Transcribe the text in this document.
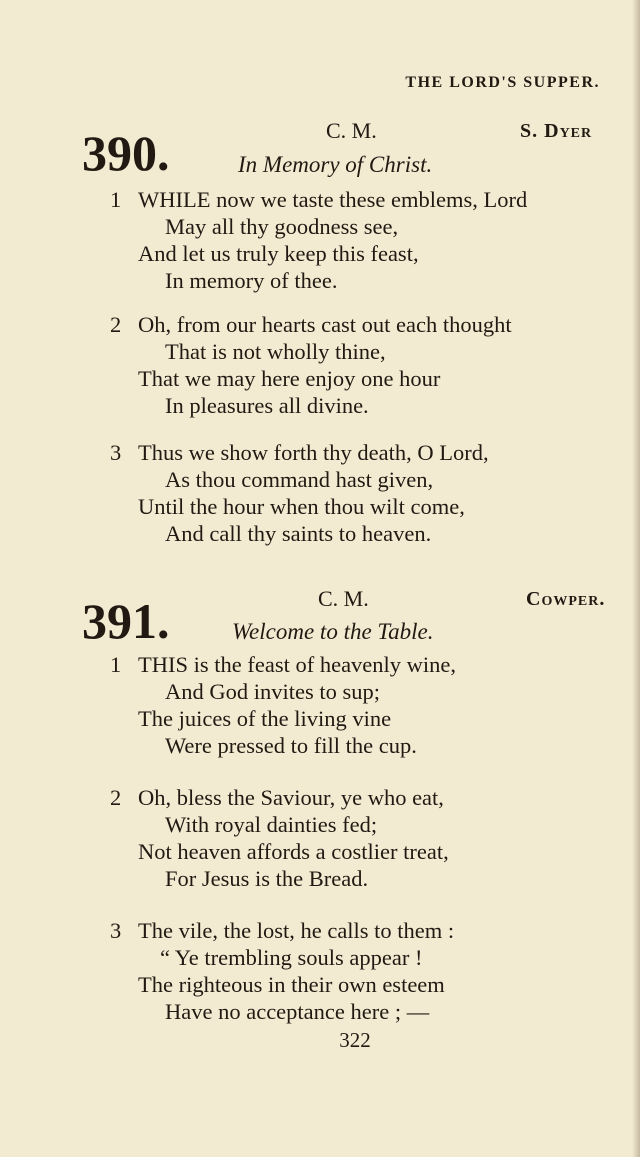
THE LORD'S SUPPER.
390.	C. M.	S. Dyer
In Memory of Christ.
1 WHILE now we taste these emblems, Lord
May all thy goodness see,
And let us truly keep this feast,
In memory of thee.
2 Oh, from our hearts cast out each thought
That is not wholly thine,
That we may here enjoy one hour
In pleasures all divine.
3 Thus we show forth thy death, O Lord,
As thou command hast given,
Until the hour when thou wilt come,
And call thy saints to heaven.
391.	C. M.	Cowper.
Welcome to the Table.
1 THIS is the feast of heavenly wine,
And God invites to sup;
The juices of the living vine
Were pressed to fill the cup.
2 Oh, bless the Saviour, ye who eat,
With royal dainties fed;
Not heaven affords a costlier treat,
For Jesus is the Bread.
3 The vile, the lost, he calls to them :
“ Ye trembling souls appear !
The righteous in their own esteem
Have no acceptance here ; —
322
